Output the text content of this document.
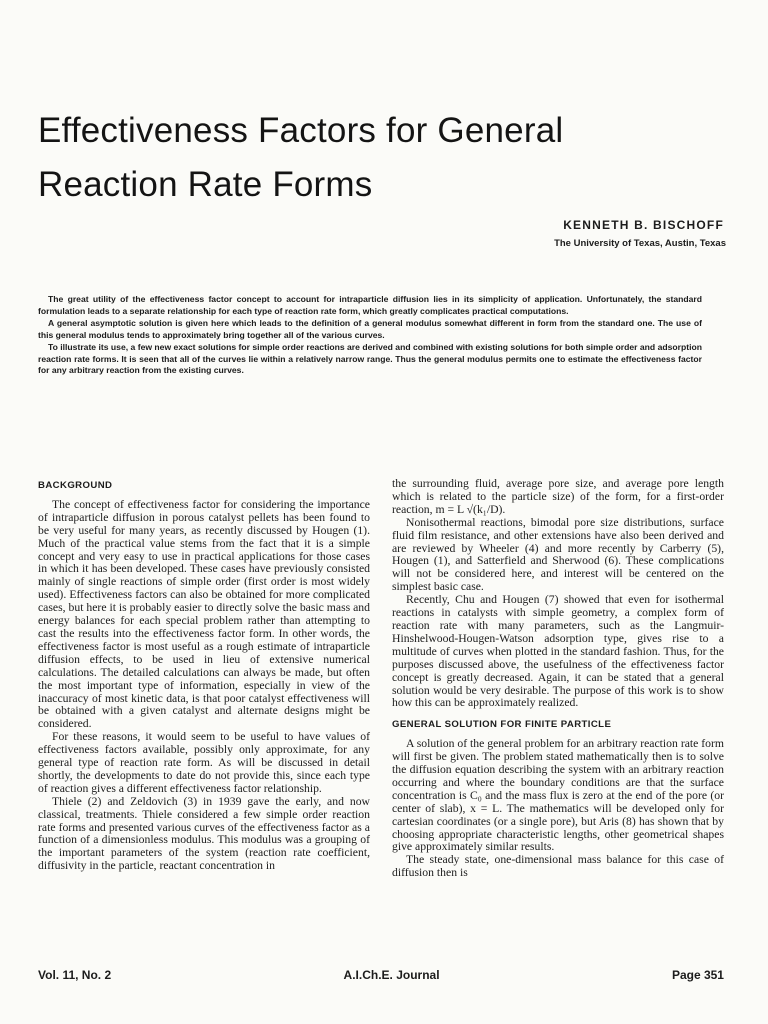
Effectiveness Factors for General
Reaction Rate Forms
KENNETH B. BISCHOFF
The University of Texas, Austin, Texas

The great utility of the effectiveness factor concept to account for intraparticle diffusion lies in its simplicity of application. Unfortunately, the standard formulation leads to a separate relationship for each type of reaction rate form, which greatly complicates practical computations.

A general asymptotic solution is given here which leads to the definition of a general modulus somewhat different in form from the standard one. The use of this general modulus tends to approximately bring together all of the various curves.

To illustrate its use, a few new exact solutions for simple order reactions are derived and combined with existing solutions for both simple order and adsorption reaction rate forms. It is seen that all of the curves lie within a relatively narrow range. Thus the general modulus permits one to estimate the effectiveness factor for any arbitrary reaction from the existing curves.

BACKGROUND

The concept of effectiveness factor for considering the importance of intraparticle diffusion in porous catalyst pellets has been found to be very useful for many years, as recently discussed by Hougen (1). Much of the practical value stems from the fact that it is a simple concept and very easy to use in practical applications for those cases in which it has been developed. These cases have previously consisted mainly of single reactions of simple order (first order is most widely used). Effectiveness factors can also be obtained for more complicated cases, but here it is probably easier to directly solve the basic mass and energy balances for each special problem rather than attempting to cast the results into the effectiveness factor form. In other words, the effectiveness factor is most useful as a rough estimate of intraparticle diffusion effects, to be used in lieu of extensive numerical calculations. The detailed calculations can always be made, but often the most important type of information, especially in view of the inaccuracy of most kinetic data, is that poor catalyst effectiveness will be obtained with a given catalyst and alternate designs might be considered.

For these reasons, it would seem to be useful to have values of effectiveness factors available, possibly only approximate, for any general type of reaction rate form. As will be discussed in detail shortly, the developments to date do not provide this, since each type of reaction gives a different effectiveness factor relationship.

Thiele (2) and Zeldovich (3) in 1939 gave the early, and now classical, treatments. Thiele considered a few simple order reaction rate forms and presented various curves of the effectiveness factor as a function of a dimensionless modulus. This modulus was a grouping of the important parameters of the system (reaction rate coefficient, diffusivity in the particle, reactant concentration in

the surrounding fluid, average pore size, and average pore length which is related to the particle size) of the form, for a first-order reaction, m = L √(k₁/D).

Nonisothermal reactions, bimodal pore size distributions, surface fluid film resistance, and other extensions have also been derived and are reviewed by Wheeler (4) and more recently by Carberry (5), Hougen (1), and Satterfield and Sherwood (6). These complications will not be considered here, and interest will be centered on the simplest basic case.

Recently, Chu and Hougen (7) showed that even for isothermal reactions in catalysts with simple geometry, a complex form of reaction rate with many parameters, such as the Langmuir-Hinshelwood-Hougen-Watson adsorption type, gives rise to a multitude of curves when plotted in the standard fashion. Thus, for the purposes discussed above, the usefulness of the effectiveness factor concept is greatly decreased. Again, it can be stated that a general solution would be very desirable. The purpose of this work is to show how this can be approximately realized.

GENERAL SOLUTION FOR FINITE PARTICLE

A solution of the general problem for an arbitrary reaction rate form will first be given. The problem stated mathematically then is to solve the diffusion equation describing the system with an arbitrary reaction occurring and where the boundary conditions are that the surface concentration is C₀ and the mass flux is zero at the end of the pore (or center of slab), x = L. The mathematics will be developed only for cartesian coordinates (or a single pore), but Aris (8) has shown that by choosing appropriate characteristic lengths, other geometrical shapes give approximately similar results.

The steady state, one-dimensional mass balance for this case of diffusion then is

Vol. 11, No. 2	A.I.Ch.E. Journal	Page 351
